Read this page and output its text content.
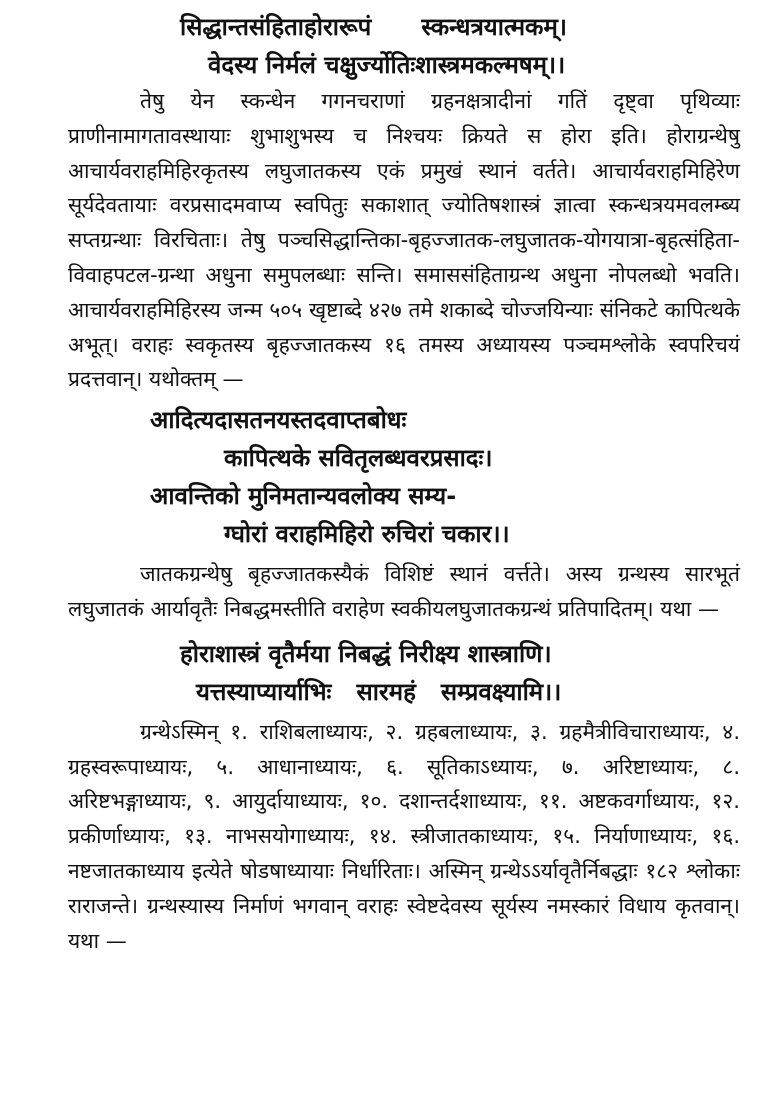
सिद्धान्तसंहिताहोरारूपं      स्कन्धत्रयात्मकम्।

वेदस्य निर्मलं चक्षुर्ज्योतिःशास्त्रमकल्मषम्।।

तेषु येन स्कन्धेन गगनचराणां ग्रहनक्षत्रादीनां गतिं दृष्ट्वा पृथिव्याः प्राणीनामागतावस्थायाः शुभाशुभस्य च निश्चयः क्रियते स होरा इति। होराग्रन्थेषु आचार्यवराहमिहिरकृतस्य लघुजातकस्य एकं प्रमुखं स्थानं वर्तते। आचार्यवराहमिहिरेण सूर्यदेवतायाः वरप्रसादमवाप्य स्वपितुः सकाशात् ज्योतिषशास्त्रं ज्ञात्वा स्कन्धत्रयमवलम्ब्य सप्तग्रन्थाः विरचिताः। तेषु पञ्चसिद्धान्तिका-बृहज्जातक-लघुजातक-योगयात्रा-बृहत्संहिता-विवाहपटल-ग्रन्था अधुना समुपलब्धाः सन्ति। समाससंहिताग्रन्थ अधुना नोपलब्धो भवति। आचार्यवराहमिहिरस्य जन्म ५०५ खृष्टाब्दे ४२७ तमे शकाब्दे चोज्जयिन्याः संनिकटे कापित्थके अभूत्। वराहः स्वकृतस्य बृहज्जातकस्य १६ तमस्य अध्यायस्य पञ्चमश्लोके स्वपरिचयं प्रदत्तवान्। यथोक्तम् —

आदित्यदासतनयस्तदवाप्तबोधः

कापित्थके सवितृलब्धवरप्रसादः।

आवन्तिको मुनिमतान्यवलोक्य सम्य-

ग्घोरां वराहमिहिरो रुचिरां चकार।।

जातकग्रन्थेषु बृहज्जातकस्यैकं विशिष्टं स्थानं वर्त्तते। अस्य ग्रन्थस्य सारभूतं लघुजातकं आर्यावृतैः निबद्धमस्तीति वराहेण स्वकीयलघुजातकग्रन्थं प्रतिपादितम्। यथा —

होराशास्त्रं वृतैर्मया निबद्धं निरीक्ष्य शास्त्राणि।

यत्तस्याप्यार्याभिः   सारमहं   सम्प्रवक्ष्यामि।।

ग्रन्थेऽस्मिन् १. राशिबलाध्यायः, २. ग्रहबलाध्यायः, ३. ग्रहमैत्रीविचाराध्यायः, ४. ग्रहस्वरूपाध्यायः, ५. आधानाध्यायः, ६. सूतिकाऽध्यायः, ७. अरिष्टाध्यायः, ८. अरिष्टभङ्गाध्यायः, ९. आयुर्दायाध्यायः, १०. दशान्तर्दशाध्यायः, ११. अष्टकवर्गाध्यायः, १२. प्रकीर्णाध्यायः, १३. नाभसयोगाध्यायः, १४. स्त्रीजातकाध्यायः, १५. निर्याणाध्यायः, १६. नष्टजातकाध्याय इत्येते षोडषाध्यायाः निर्धारिताः। अस्मिन् ग्रन्थेऽऽर्यावृतैर्निबद्धाः १८२ श्लोकाः राराजन्ते। ग्रन्थस्यास्य निर्माणं भगवान् वराहः स्वेष्टदेवस्य सूर्यस्य नमस्कारं विधाय कृतवान्। यथा —
